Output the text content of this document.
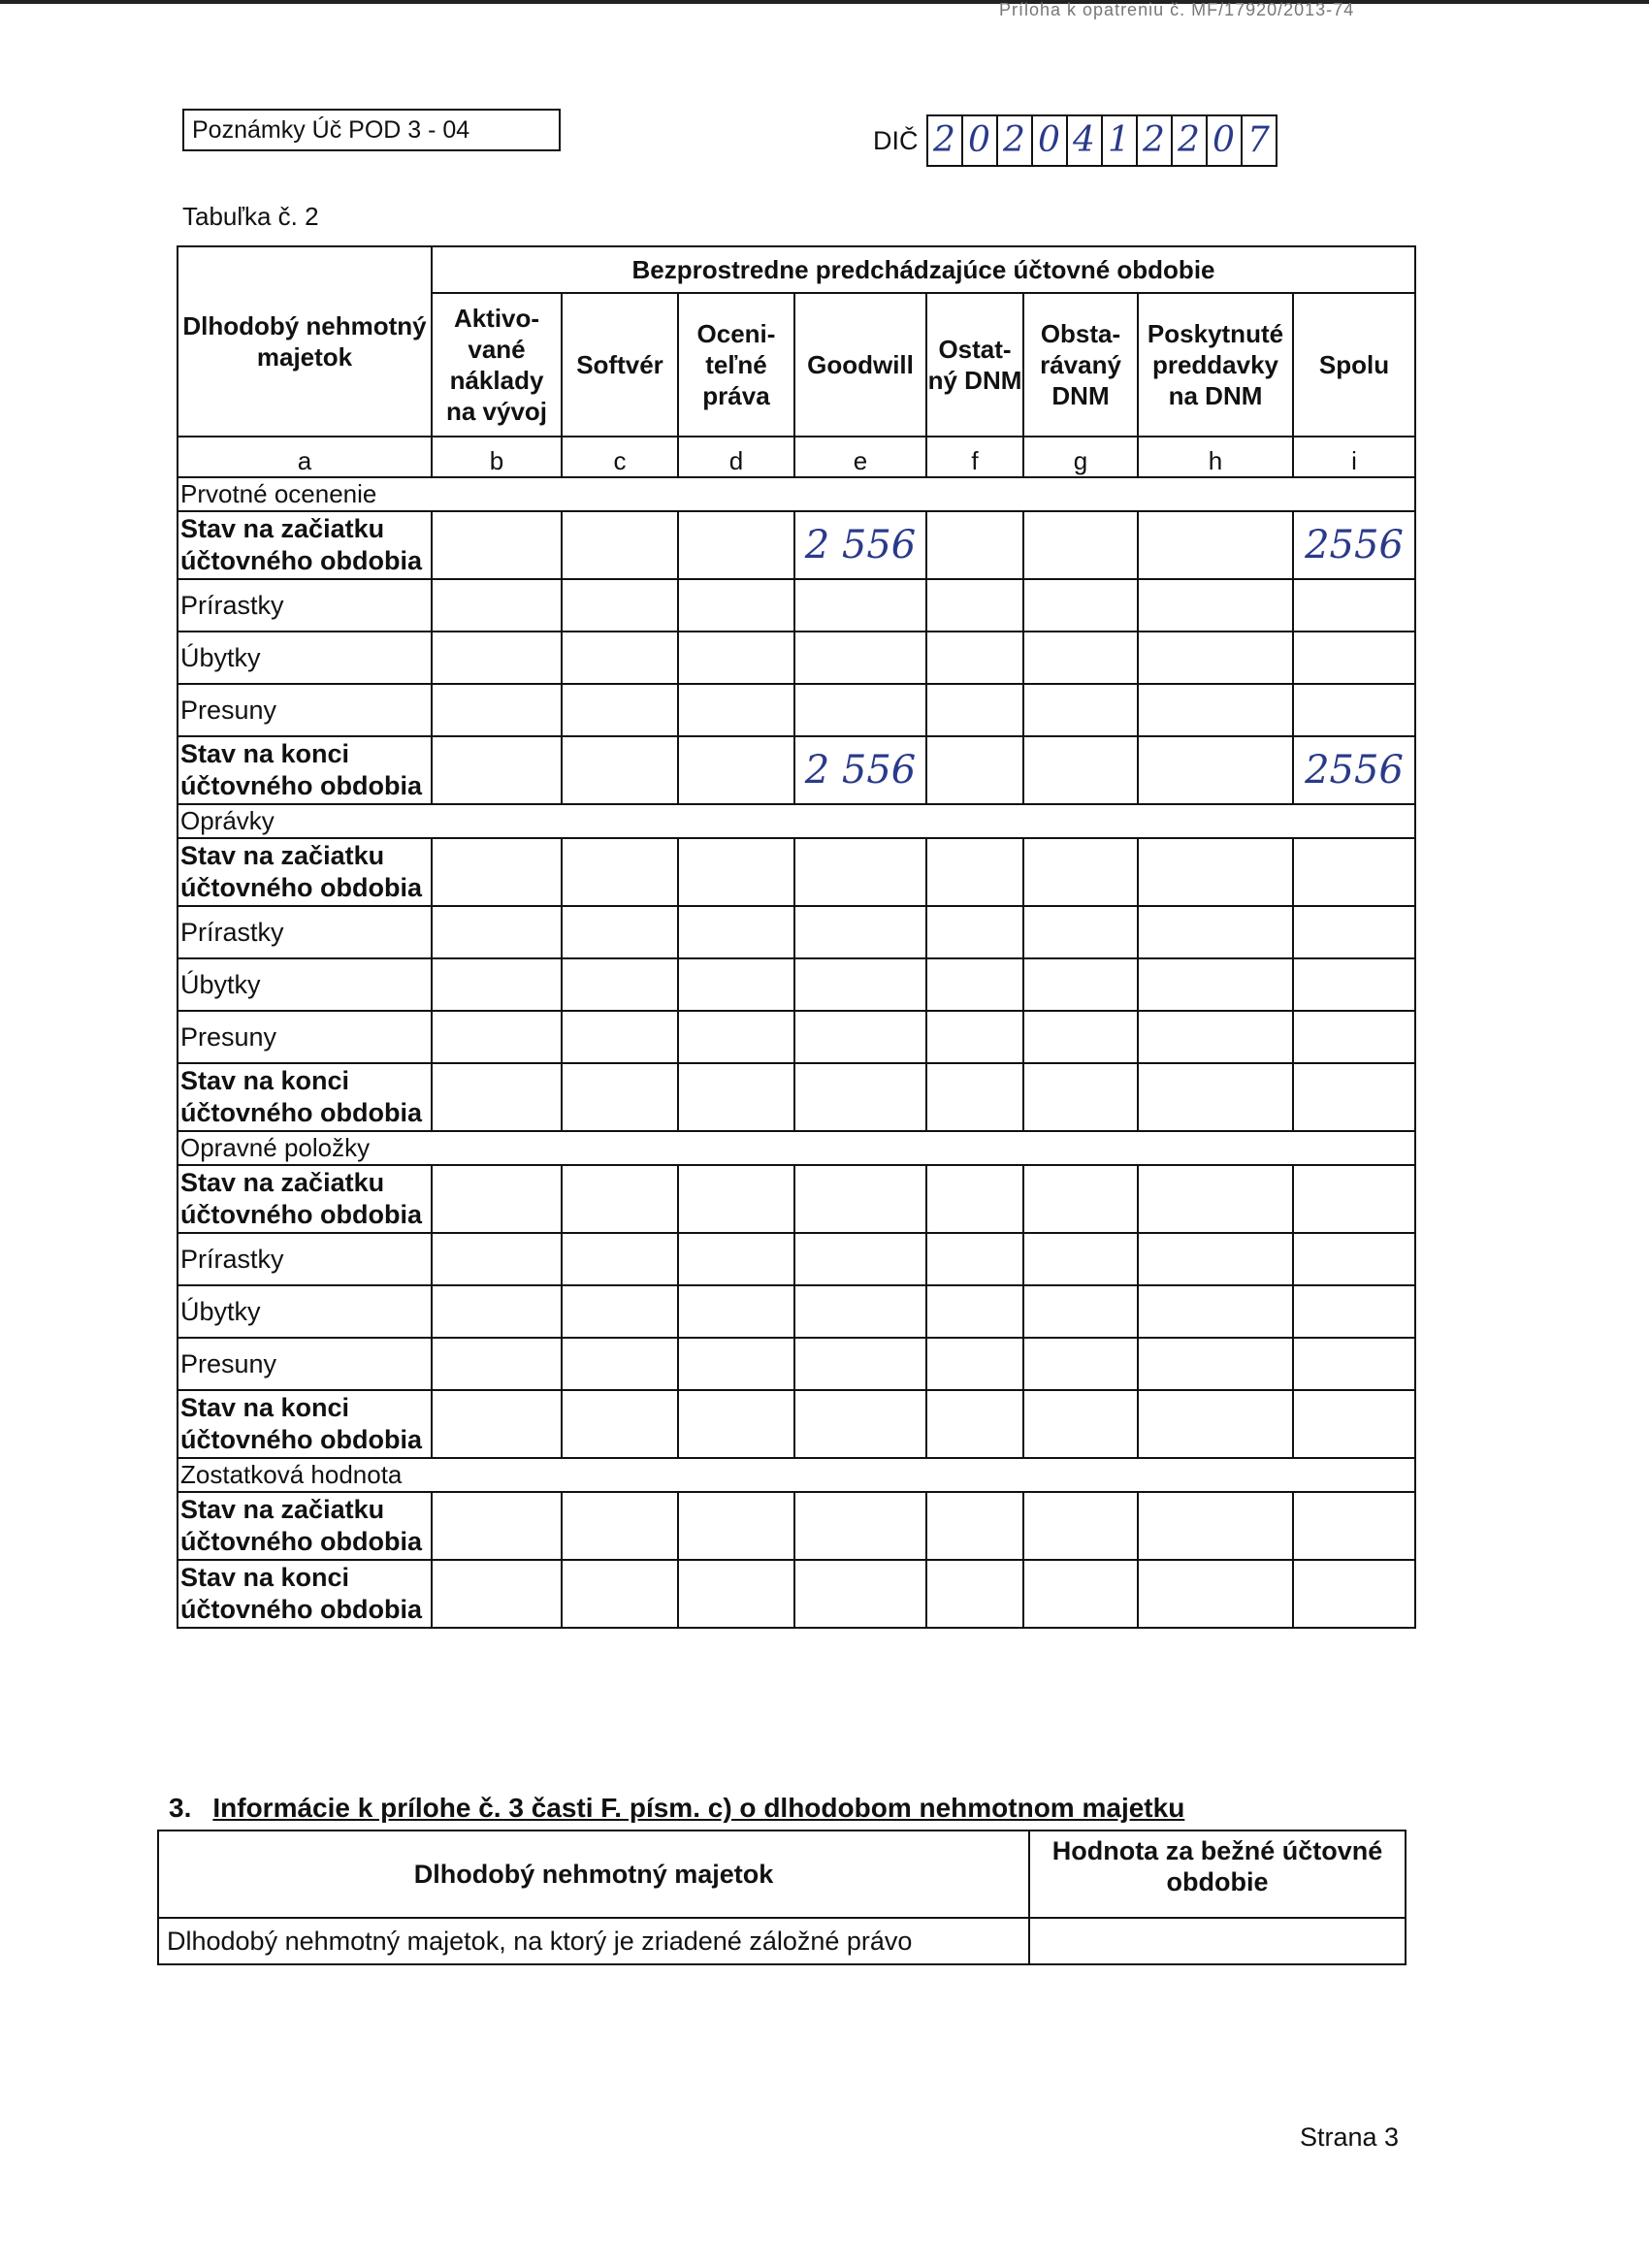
Príloha k opatreniu č. MF/17920/2013-74
Poznámky Úč POD 3 - 04	DIČ 2 0 2 0 4 1 2 2 0 7
Tabuľka č. 2
Dlhodobý nehmotný majetok	Bezprostredne predchádzajúce účtovné obdobie							
	Aktivo-vané náklady na vývoj	Softvér	Oceni-teľné práva	Goodwill	Ostat-ný DNM	Obsta-rávaný DNM	Poskytnuté preddavky na DNM	Spolu
a	b	c	d	e	f	g	h	i
Prvotné ocenenie								
Stav na začiatku účtovného obdobia				2 556				2556
Prírastky								
Úbytky								
Presuny								
Stav na konci účtovného obdobia				2 556				2556
Oprávky								
Stav na začiatku účtovného obdobia								
Prírastky								
Úbytky								
Presuny								
Stav na konci účtovného obdobia								
Opravné položky								
Stav na začiatku účtovného obdobia								
Prírastky								
Úbytky								
Presuny								
Stav na konci účtovného obdobia								
Zostatková hodnota								
Stav na začiatku účtovného obdobia								
Stav na konci účtovného obdobia								
3. Informácie k prílohe č. 3 časti F. písm. c) o dlhodobom nehmotnom majetku
Dlhodobý nehmotný majetok	Hodnota za bežné účtovné obdobie
Dlhodobý nehmotný majetok, na ktorý je zriadené záložné právo	
Strana 3
